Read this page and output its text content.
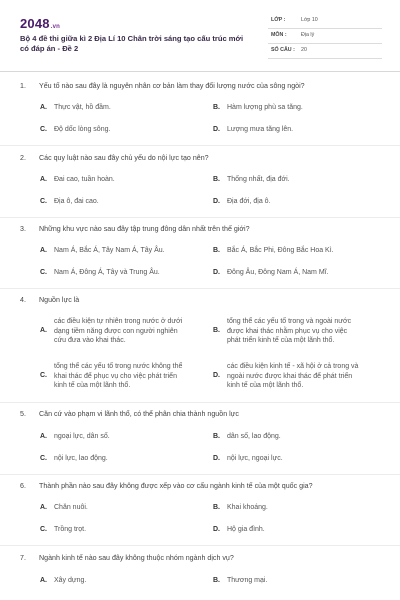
2048.vn
Bộ 4 đề thi giữa kì 2 Địa Lí 10 Chân trời sáng tạo cấu trúc mới có đáp án - Đề 2
LỚP :	Lớp 10
MÔN :	Địa lý
SỐ CÂU : 20
1. Yếu tố nào sau đây là nguyên nhân cơ bản làm thay đổi lượng nước của sông ngòi?
A. Thực vật, hồ đầm.	B. Hàm lượng phù sa tăng.
C. Độ dốc lòng sông.	D. Lượng mưa tăng lên.
2. Các quy luật nào sau đây chủ yếu do nội lực tạo nên?
A. Đai cao, tuần hoàn.	B. Thống nhất, địa đới.
C. Địa ô, đai cao.	D. Địa đới, địa ô.
3. Những khu vực nào sau đây tập trung đông dân nhất trên thế giới?
A. Nam Á, Bắc Á, Tây Nam Á, Tây Âu.	B. Bắc Á, Bắc Phi, Đông Bắc Hoa Kì.
C. Nam Á, Đông Á, Tây và Trung Âu.	D. Đông Âu, Đông Nam Á, Nam Mĩ.
4. Nguồn lực là
A.
các điều kiện tự nhiên trong nước ở dưới
dạng tiềm năng được con người nghiên
cứu đưa vào khai thác.
B.
tổng thể các yếu tố trong và ngoài nước
được khai thác nhằm phục vụ cho việc
phát triển kinh tế của một lãnh thổ.
C.
tổng thể các yếu tố trong nước không thể
khai thác để phục vụ cho việc phát triển
kinh tế của một lãnh thổ.
D.
các điều kiện kinh tế - xã hội ở cả trong và
ngoài nước được khai thác để phát triển
kinh tế của một lãnh thổ.
5. Căn cứ vào phạm vi lãnh thổ, có thể phân chia thành nguồn lực
A. ngoại lực, dân số.	B. dân số, lao động.
C. nội lực, lao động.	D. nội lực, ngoại lực.
6. Thành phần nào sau đây không được xếp vào cơ cấu ngành kinh tế của một quốc gia?
A. Chăn nuôi.	B. Khai khoáng.
C. Trồng trọt.	D. Hộ gia đình.
7. Ngành kinh tế nào sau đây không thuộc nhóm ngành dịch vụ?
A. Xây dựng.	B. Thương mại.
